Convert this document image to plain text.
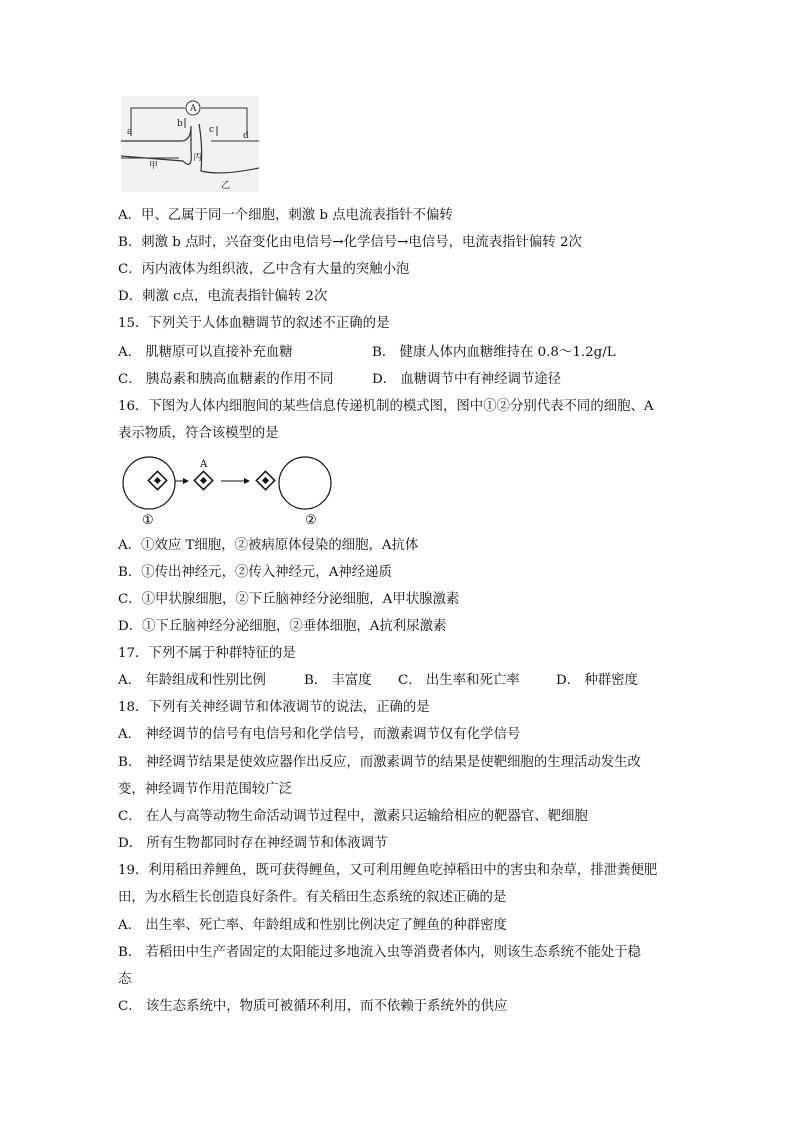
A
a
b
c
d
甲
丙
乙
A．甲、乙属于同一个细胞，刺激 b 点电流表指针不偏转
B．刺激 b 点时，兴奋变化由电信号→化学信号→电信号，电流表指针偏转 2次
C．丙内液体为组织液，乙中含有大量的突触小泡
D．刺激 c点，电流表指针偏转 2次
15．下列关于人体血糖调节的叙述不正确的是
A． 肌糖原可以直接补充血糖	B． 健康人体内血糖维持在 0.8～1.2g/L
C． 胰岛素和胰高血糖素的作用不同	D． 血糖调节中有神经调节途径
16．下图为人体内细胞间的某些信息传递机制的模式图，图中①②分别代表不同的细胞、A
表示物质，符合该模型的是
A
①	②
A．①效应 T细胞，②被病原体侵染的细胞，A抗体
B．①传出神经元，②传入神经元，A神经递质
C．①甲状腺细胞，②下丘脑神经分泌细胞，A甲状腺激素
D．①下丘脑神经分泌细胞，②垂体细胞，A抗利尿激素
17．下列不属于种群特征的是
A． 年龄组成和性别比例	B． 丰富度 C． 出生率和死亡率	D． 种群密度
18．下列有关神经调节和体液调节的说法，正确的是
A． 神经调节的信号有电信号和化学信号，而激素调节仅有化学信号
B． 神经调节结果是使效应器作出反应，而激素调节的结果是使靶细胞的生理活动发生改
变，神经调节作用范围较广泛
C． 在人与高等动物生命活动调节过程中，激素只运输给相应的靶器官、靶细胞
D． 所有生物都同时存在神经调节和体液调节
19．利用稻田养鲤鱼，既可获得鲤鱼，又可利用鲤鱼吃掉稻田中的害虫和杂草，排泄粪便肥
田，为水稻生长创造良好条件。有关稻田生态系统的叙述正确的是
A． 出生率、死亡率、年龄组成和性别比例决定了鲤鱼的种群密度
B． 若稻田中生产者固定的太阳能过多地流入虫等消费者体内，则该生态系统不能处于稳
态
C． 该生态系统中，物质可被循环利用，而不依赖于系统外的供应
